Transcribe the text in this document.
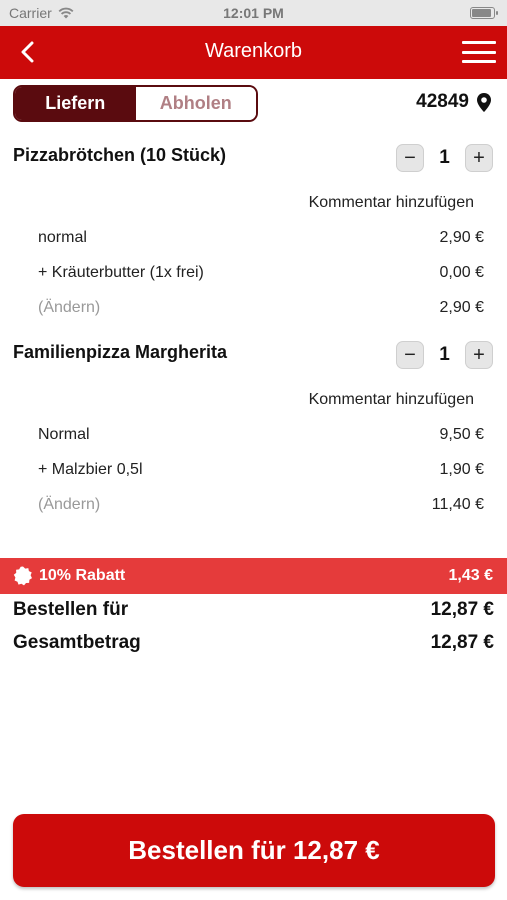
Carrier	12:01 PM
Warenkorb
Liefern	Abholen	42849
Pizzabrötchen (10 Stück)	−	1	+
Kommentar hinzufügen
normal	2,90 €
+ Kräuterbutter (1x frei)	0,00 €
(Ändern)	2,90 €
Familienpizza Margherita	−	1	+
Kommentar hinzufügen
Normal	9,50 €
+ Malzbier 0,5l	1,90 €
(Ändern)	11,40 €
10% Rabatt	1,43 €
Bestellen für	12,87 €
Gesamtbetrag	12,87 €
Bestellen für 12,87 €
